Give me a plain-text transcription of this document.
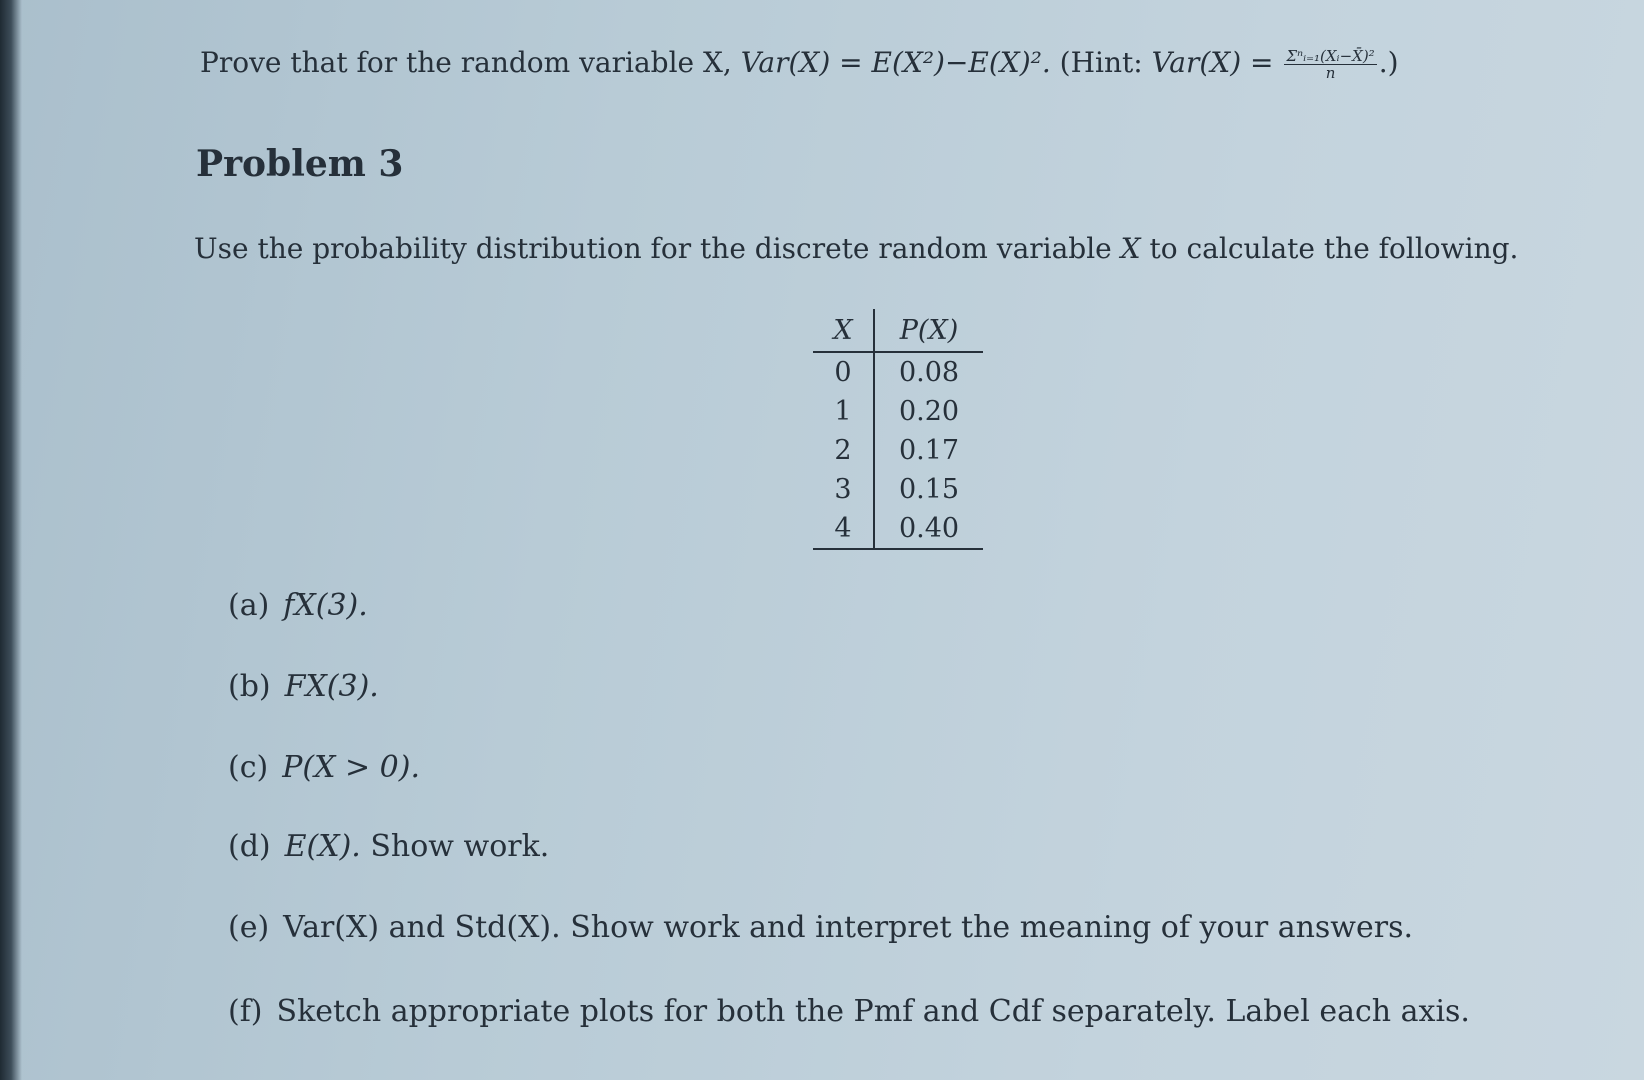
Prove that for the random variable X, Var(X) = E(X²)−E(X)². (Hint: $Var(X) = \frac{\text{Σⁿᵢ₌₁(Xᵢ−X̄)²}}{n}$ .)
Problem 3
Use the probability distribution for the discrete random variable X to calculate the following.
X	P(X)
0	0.08
1	0.20
2	0.17
3	0.15
4	0.40
(a) fX(3).
(b) FX(3).
(c) P(X > 0).
(d) E(X). Show work.
(e) Var(X) and Std(X). Show work and interpret the meaning of your answers.
(f) Sketch appropriate plots for both the Pmf and Cdf separately. Label each axis.
